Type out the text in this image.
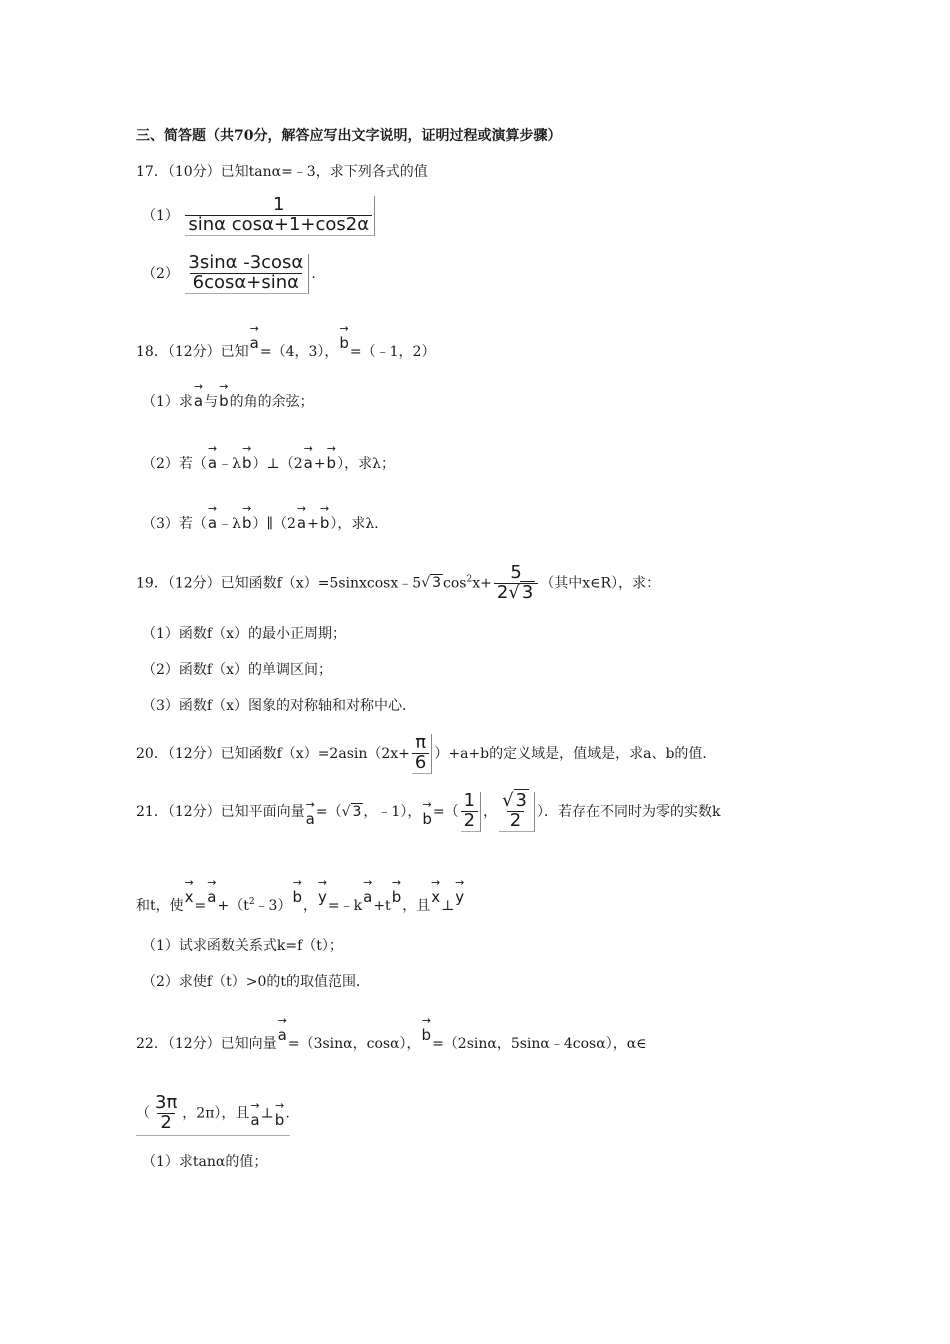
三、简答题（共70分，解答应写出文字说明，证明过程或演算步骤）
17．（10分）已知tanα=﹣3，求下列各式的值
$(1) \frac{1}{\text{sinα cosα+1+cos2α}}$
$(2) \frac{3\sin\alpha -3\cos\alpha}{6\cos\alpha+\sin\alpha}$ .
18．（12分）已知→ a=（4，3），→ b=（﹣1，2）
（1）求→ a与→ b的角的余弦；
（2）若（→ a﹣λ→ b）⊥（2→ a+→ b），求λ；
（3）若（→ a﹣λ→ b）∥（2→ a+→ b），求λ．
19．（12分）已知函数f（x）=5sinxcosx﹣5√ 3 $\cos^2x+ \frac{5}{2√ 3}$ （其中x∈R），求：
（1）函数f（x）的最小正周期；
（2）函数f（x）的单调区间；
（3）函数f（x）图象的对称轴和对称中心．
20．（12分）已知函数$f(x)=2asin(2x+ \frac{\pi}{6} )+a+b$的定义域是，值域是，求a、b的值．
21．（12分）已知平面向量→ a=（√ 3 ，﹣1），→ $b=( \frac{1}{2}$ ， $\frac{√ 3}{2}$ ）．若存在不同时为零的实数k
和t，使→ $x=\to a+(t^2﹣3)\to b$，→ y=﹣k→ a+t→ b，且→ x⊥→ y
（1）试求函数关系式k=f（t）；
（2）求使f（t）>0的t的取值范围．
22．（12分）已知向量→ a=（3sinα，cosα），→ b=（2sinα，5sinα﹣4cosα），α∈
（ $\frac{3\pi}{2}$ ，2π），且→ a⊥→ b.
（1）求tanα的值；
